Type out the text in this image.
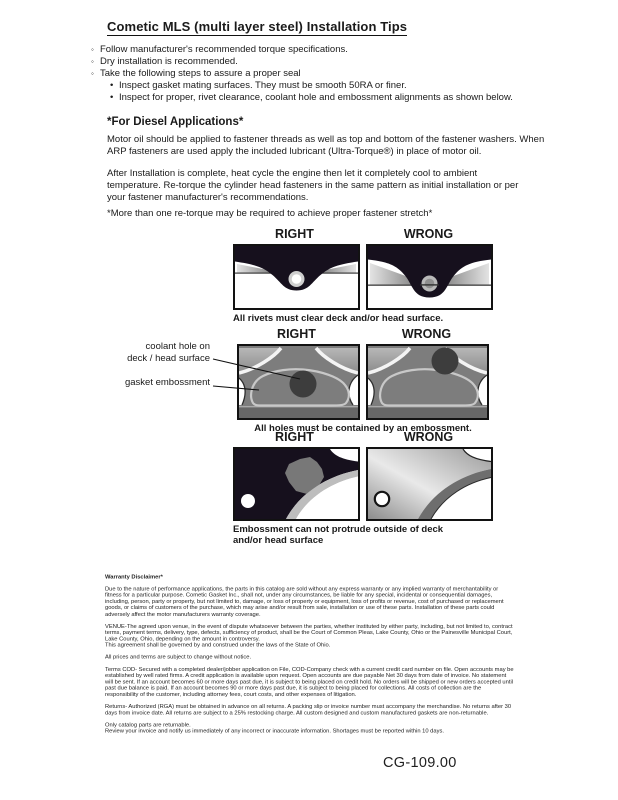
Cometic MLS (multi layer steel) Installation Tips
◦ Follow manufacturer's recommended torque specifications.
◦ Dry installation is recommended.
◦ Take the following steps to assure a proper seal
• Inspect gasket mating surfaces. They must be smooth 50RA or finer.
• Inspect for proper, rivet clearance, coolant hole and embossment alignments as shown below.
*For Diesel Applications*

Motor oil should be applied to fastener threads as well as top and bottom of the fastener washers. When ARP fasteners are used apply the included lubricant (Ultra-Torque®) in place of motor oil.

After Installation is complete, heat cycle the engine then let it completely cool to ambient temperature. Re-torque the cylinder head fasteners in the same pattern as initial installation or per your fastener manufacturer's recommendations.

*More than one re-torque may be required to achieve proper fastener stretch*

RIGHT	WRONG
All rivets must clear deck and/or head surface.
RIGHT	WRONG
All holes must be contained by an embossment.
coolant hole on
deck / head surface
gasket embossment
RIGHT	WRONG
Embossment can not protrude outside of deck
and/or head surface

Warranty Disclaimer*

Due to the nature of performance applications, the parts in this catalog are sold without any express warranty or any implied warranty of merchantability or fitness for a particular purpose. Cometic Gasket Inc., shall not, under any circumstances, be liable for any special, incidental or consequential damages, including, person, party or property, but not limited to, damage, or loss of property or equipment, loss of profits or revenue, cost of purchased or replacement goods, or claims of customers of the purchase, which may arise and/or result from sale, installation or use of these parts. Installation of these parts could adversely affect the motor manufacturers warranty coverage.

VENUE-The agreed upon venue, in the event of dispute whatsoever between the parties, whether instituted by either party, including, but not limited to, contract terms, payment terms, delivery, type, defects, sufficiency of product, shall be the Court of Common Pleas, Lake County, Ohio or the Painesville Municipal Court, Lake County, Ohio, depending on the amount in controversy.

This agreement shall be governed by and construed under the laws of the State of Ohio.

All prices and terms are subject to change without notice.

Terms COD- Secured with a completed dealer/jobber application on File, COD-Company check with a current credit card number on file. Open accounts may be established by well rated firms. A credit application is available upon request. Open accounts are due payable Net 30 days from date of invoice. No statement will be sent. If an account becomes 60 or more days past due, it is subject to being placed on credit hold. No orders will be shipped or new orders accepted until past due balance is paid. If an account becomes 90 or more days past due, it is subject to being placed for collections. All costs of collection are the responsibility of the customer, including attorney fees, court costs, and other expenses of litigation.

Returns- Authorized (RGA) must be obtained in advance on all returns. A packing slip or invoice number must accompany the merchandise. No returns after 30 days from invoice date. All returns are subject to a 25% restocking charge. All custom designed and custom manufactured gaskets are non-returnable.

Only catalog parts are returnable.

Review your invoice and notify us immediately of any incorrect or inaccurate information. Shortages must be reported within 10 days.

CG-109.00
